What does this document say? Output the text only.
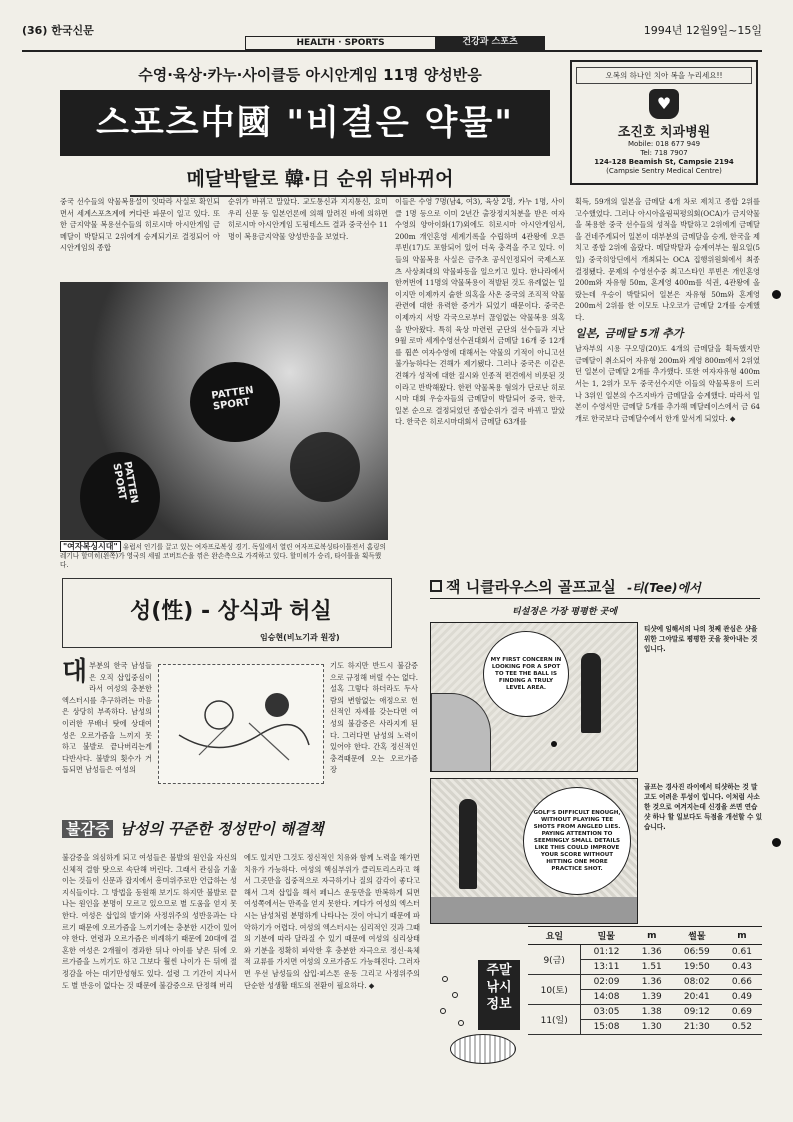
(36) 한국신문	1994년 12월9일~15일
HEALTH · SPORTS	건강과 스포츠
수영·육상·카누·사이클등 아시안게임 11명 양성반응
스포츠中國 "비결은 약물"
메달박탈로 韓·日 순위 뒤바뀌어
오복의 하나인 치아 복을 누리세요!!
♥
조진호 치과병원
Mobile: 018 677 949
Tel: 718 7907
124-128 Beamish St, Campsie 2194
(Campsie Sentry Medical Centre)
중국 선수들의 약물복용설이 잇따라 사실로 확인되면서 세계스포츠계에 커다란 파문이 일고 있다. 또한 금지약물 복용선수들의 히로시마 아시안게임 금메달이 박탈되고 2위에게 승계되기로 결정되어 아시안게임의 종합
순위가 바뀌고 말았다. 교도통신과 지지통신, 요미우리 신문 등 일본언론에 의해 알려진 바에 의하면 히로시마 아시안게임 도핑테스트 결과 중국선수 11명이 복용금지약물 양성반응을 보였다.
이들은 수영 7명(남4, 여3), 육상 2명, 카누 1명, 사이클 1명 등으로 이미 2년간 출장정지처분을 받은 여자수영의 양아이화(17)외에도 히로시마 아시안게임서, 200m 개인혼영 세계기록을 수립하며 4관왕에 오른 루빈(17)도 포함되어 있어 더욱 충격을 주고 있다. 이들의 약물복용 사실은 금주초 공식인정되어 국제스포츠 사상최대의 약물파동을 일으키고 있다. 한나라에서 한꺼번에 11명의 약물복용이 적발된 것도 유례없는 일이지만 이제까지 숱한 의혹을 사온 중국의 조직적 약물관련에 대한 유력한 증거가 되었기 때문이다. 중국은 이제까지 서방 각국으로부터 끊임없는 약물복용 의혹을 받아왔다. 특히 육상 마련런 군단의 선수들과 지난 9월 로마 세계수영선수권대회서 금메달 16개 중 12개를 휩쓴 여자수영에 대해서는 약물의 기적이 아니고선 불가능하다는 견해가 제기됐다. 그러나 중국은 이같은 견해가 성적에 대한 질시와 인종적 편견에서 비롯된 것이라고 반박해왔다. 한편 약물복용 혐의가 단로난 히로시마 대회 우승자들의 금메달이 박탈되어 중국, 한국, 일본 순으로 결정되었던 종합순위가 결국 바뀌고 말았다. 한국은 히로시마대회서 금메달 63개를
획득, 59개의 일본을 금메달 4개 차로 제치고 종합 2위를 고수했었다. 그러나 아시아올림픽평의회(OCA)가 금지약물을 복용한 중국 선수들의 성적을 박탈하고 2위에게 금메달을 건네주게되어 일본이 대부분의 금메달을 승계, 한국을 제치고 종합 2위에 올랐다. 메달박탈과 승계여부는 월요일(5일) 중국히앙딘에서 개최되는 OCA 집행위원회에서 최종 결정됐다. 문제의 수영선수중 최고스타인 루빈은 개인혼영 200m와 자유형 50m, 혼계영 400m를 석권, 4관왕에 올랐는데 우승이 박탈되어 일본은 자유형 50m와 혼계영 200m서 2위를 한 이모토 나오코가 금메달 2개를 승계했다.
일본, 금메달 5개 추가
남자부의 시용 구오밍(20)도 4개의 금메달을 획득했지만 금메달이 취소되어 자유형 200m와 계영 800m에서 2위였던 일본이 금메달 2개를 추가했다. 또한 여자자유형 400m서는 1, 2위가 모두 중국선수지만 이들의 약물복용이 드러나 3위인 일본의 수즈지바가 금메달을 승계했다. 따라서 일본이 수영서만 금메달 5개를 추가해 메달레이스에서 금 64개로 한국보다 금메달수에서 한개 앞서게 되었다. ◆
PATTEN SPORT
PATTEN SPORT
"여자복싱시대" 유럽서 인기를 끌고 있는 여자프로복싱 경기. 독일에서 열린 여자프로복싱타이틀전서 홈링의 레기나 할미히(왼쪽)가 영국의 세필 코버트슨을 꺾은 완손측으로 가격하고 있다. 할미히가 승리, 타이틀을 획득했다.
성(性) - 상식과 허실
임승현(비뇨기과 원장)
대부분의 한국 남성들은 오직 삽입중심이라서 여성의 충분한 엑스터시를 추구하려는 마음은 상당히 부족하다. 남성의 이러한 무배너 탓에 상대여성은 오르가즘을 느끼지 못하고 불발로 끝나버리는게 다반사다. 불발의 횟수가 거듭되면 남성들은 여성의
기도 하지만 반드시 불감증으로 규정해 버릴 수는 없다. 설혹 그렇다 하더라도 두사람의 변함없는 애정으로 헌신적인 자세를 갖는다면 여성의 불감증은 사라지게 된다. 그러다면 남성의 노력이 있어야 한다. 간혹 정신적인 충격때문에 오는 오르가즘 장
불감증 남성의 꾸준한 정성만이 해결책
불감증을 의심하게 되고 여성들은 불발의 원인을 자신의 신체적 결함 탓으로 속단해 버린다. 그래서 관심을 기울이는 것들이 신문과 잡지에서 흥미위주로만 언급하는 성지식들이다. 그 방법을 동원해 보기도 하지만 불발로 끝나는 원인을 분명이 모르고 있으므로 별 도움을 얻지 못한다. 여성은 삽입의 발기와 사정위주의 성반응과는 다르기 때문에 오르가즘을 느끼기에는 충분한 시간이 있어야 한다. 연령과 오르가즘은 비례하기 때문에 20대에 결혼한 여성은 2개월이 경과한 뒤나 아이를 낳은 뒤에 오르가즘을 느끼기도 하고 그보다 훨씬 나이가 든 뒤에 절정감을 아는 대기만성형도 있다. 설령 그 기간이 지나서도 별 반응이 없다는 것 때문에 불감증으로 단정해 버리
에도 있지만 그것도 정신적인 치유와 함께 노력을 해가면 치유가 가능하다. 여성의 핵심부위가 클리토리스라고 해서 그곳만을 집중적으로 자극하기나 질의 감각이 좋다고 해서 그저 삽입을 해서 페니스 운동만을 반복하게 되면 여성쪽에서는 만족을 얻지 못한다. 게다가 여성의 엑스터시는 남성처럼 분명하게 나타나는 것이 아니기 때문에 파악하기가 어렵다. 여성의 엑스터시는 심리적인 것과 그때의 기분에 따라 달라질 수 있기 때문에 여성의 심리상태와 기분을 정확히 파악한 후 충분한 자극으로 정신·육체적 교류를 가지면 여성의 오르가즘도 가능해진다. 그러자면 우선 남성들의 삽입·피스톤 운동 그리고 사정위주의 단순한 성생활 태도의 전환이 필요하다. ◆
잭 니클라우스의 골프교실 -티(Tee)에서
티설정은 가장 평평한 곳에
MY FIRST CONCERN IN LOOKING FOR A SPOT TO TEE THE BALL IS FINDING A TRULY LEVEL AREA.
티샷에 임해서의 나의 첫째 관심은 샷을 위한 그야말로 평평한 곳을 찾아내는 것입니다.
GOLF'S DIFFICULT ENOUGH, WITHOUT PLAYING TEE SHOTS FROM ANGLED LIES. PAYING ATTENTION TO SEEMINGLY SMALL DETAILS LIKE THIS COULD IMPROVE YOUR SCORE WITHOUT HITTING ONE MORE PRACTICE SHOT.
골프는 경사진 라이에서 티샷하는 것 말고도 어려운 투성이 입니다. 이처럼 사소한 것으로 여겨지는데 신경을 쓰면 연습샷 하나 할 일보다도 득점을 개선할 수 있습니다.
주말 낚시 정보
요일	밀물	m	썰물	m
9(금)	01:12	1.36	06:59	0.61
	13:11	1.51	19:50	0.43
10(토)	02:09	1.36	08:02	0.66
	14:08	1.39	20:41	0.49
11(일)	03:05	1.38	09:12	0.69
	15:08	1.30	21:30	0.52
